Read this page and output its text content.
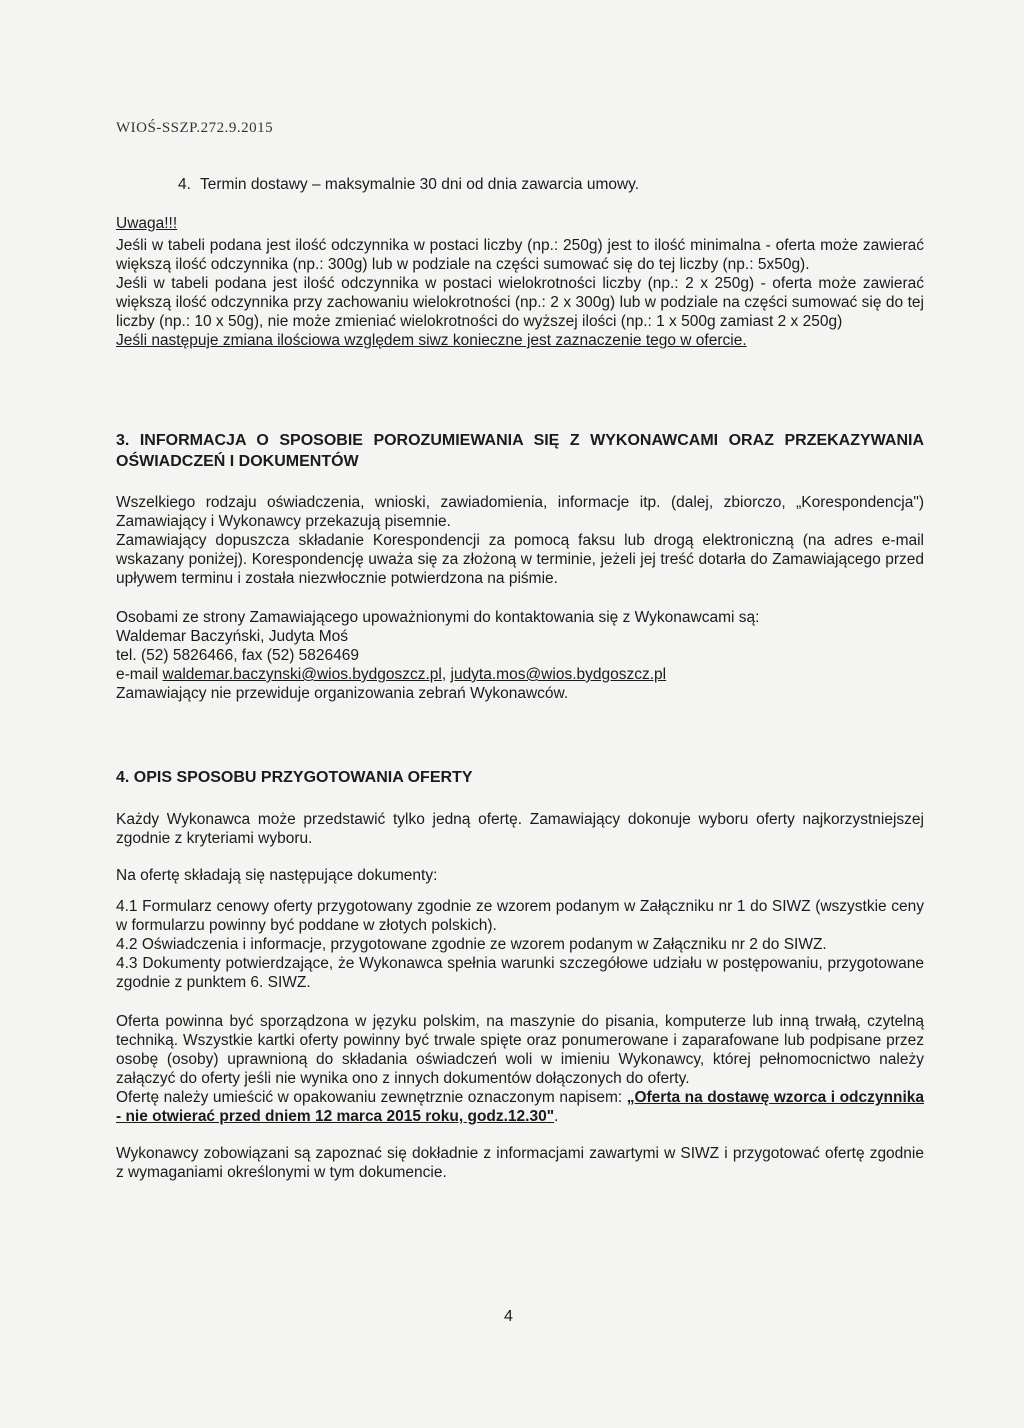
WIOŚ-SSZP.272.9.2015
4. Termin dostawy – maksymalnie 30 dni od dnia zawarcia umowy.

Uwaga!!!

Jeśli w tabeli podana jest ilość odczynnika w postaci liczby (np.: 250g) jest to ilość minimalna - oferta może zawierać większą ilość odczynnika (np.: 300g) lub w podziale na części sumować się do tej liczby (np.: 5x50g).

Jeśli w tabeli podana jest ilość odczynnika w postaci wielokrotności liczby (np.: 2 x 250g) - oferta może zawierać większą ilość odczynnika przy zachowaniu wielokrotności (np.: 2 x 300g) lub w podziale na części sumować się do tej liczby (np.: 10 x 50g), nie może zmieniać wielokrotności do wyższej ilości (np.: 1 x 500g zamiast 2 x 250g)

Jeśli następuje zmiana ilościowa względem siwz konieczne jest zaznaczenie tego w ofercie.

3. INFORMACJA O SPOSOBIE POROZUMIEWANIA SIĘ Z WYKONAWCAMI ORAZ PRZEKAZYWANIA OŚWIADCZEŃ I DOKUMENTÓW

Wszelkiego rodzaju oświadczenia, wnioski, zawiadomienia, informacje itp. (dalej, zbiorczo, „Korespondencja") Zamawiający i Wykonawcy przekazują pisemnie.

Zamawiający dopuszcza składanie Korespondencji za pomocą faksu lub drogą elektroniczną (na adres e-mail wskazany poniżej). Korespondencję uważa się za złożoną w terminie, jeżeli jej treść dotarła do Zamawiającego przed upływem terminu i została niezwłocznie potwierdzona na piśmie.

Osobami ze strony Zamawiającego upoważnionymi do kontaktowania się z Wykonawcami są:

Waldemar Baczyński, Judyta Moś

tel. (52) 5826466, fax (52) 5826469

e-mail waldemar.baczynski@wios.bydgoszcz.pl, judyta.mos@wios.bydgoszcz.pl

Zamawiający nie przewiduje organizowania zebrań Wykonawców.

4. OPIS SPOSOBU PRZYGOTOWANIA OFERTY

Każdy Wykonawca może przedstawić tylko jedną ofertę. Zamawiający dokonuje wyboru oferty najkorzystniejszej zgodnie z kryteriami wyboru.

Na ofertę składają się następujące dokumenty:

4.1 Formularz cenowy oferty przygotowany zgodnie ze wzorem podanym w Załączniku nr 1 do SIWZ (wszystkie ceny w formularzu powinny być poddane w złotych polskich).

4.2 Oświadczenia i informacje, przygotowane zgodnie ze wzorem podanym w Załączniku nr 2 do SIWZ.

4.3 Dokumenty potwierdzające, że Wykonawca spełnia warunki szczegółowe udziału w postępowaniu, przygotowane zgodnie z punktem 6. SIWZ.

Oferta powinna być sporządzona w języku polskim, na maszynie do pisania, komputerze lub inną trwałą, czytelną techniką. Wszystkie kartki oferty powinny być trwale spięte oraz ponumerowane i zaparafowane lub podpisane przez osobę (osoby) uprawnioną do składania oświadczeń woli w imieniu Wykonawcy, której pełnomocnictwo należy załączyć do oferty jeśli nie wynika ono z innych dokumentów dołączonych do oferty.

Ofertę należy umieścić w opakowaniu zewnętrznie oznaczonym napisem: „Oferta na dostawę wzorca i odczynnika - nie otwierać przed dniem 12 marca 2015 roku, godz.12.30".

Wykonawcy zobowiązani są zapoznać się dokładnie z informacjami zawartymi w SIWZ i przygotować ofertę zgodnie z wymaganiami określonymi w tym dokumencie.

4
